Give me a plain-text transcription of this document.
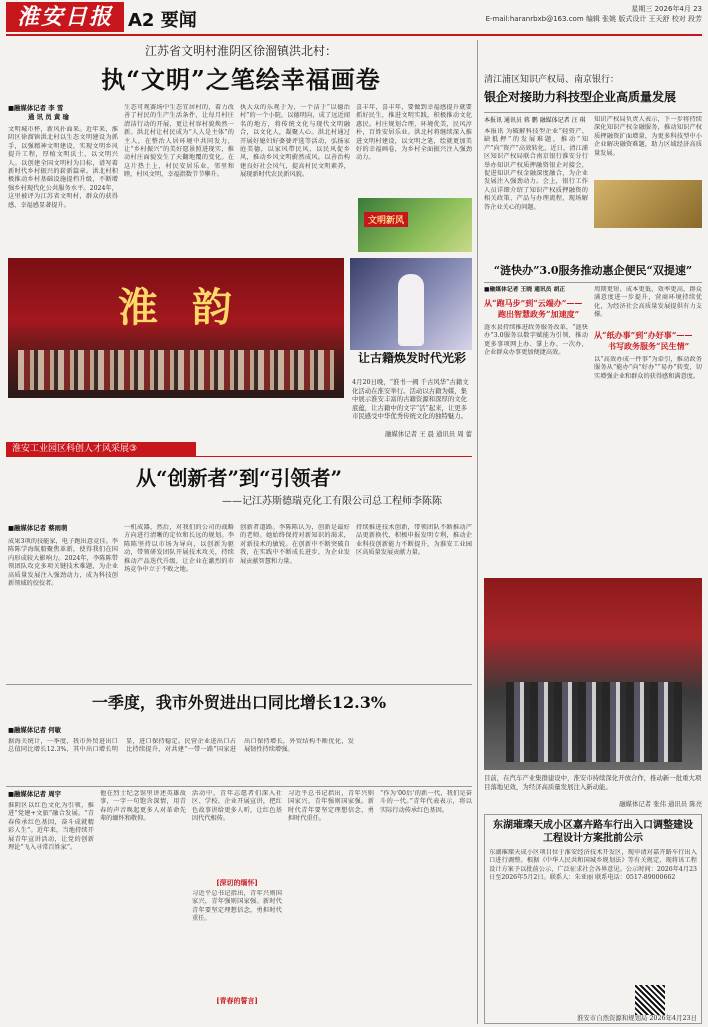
淮安日报 A2 要闻
星期三 2026年4月 23
E-mail:haranrbxb@163.com 编辑 张姚 版式设计 王天舒 校对 段芳
江苏省文明村淮阴区徐溜镇洪北村：
执“文明”之笔绘幸福画卷
■融媒体记者 李 雪
通 讯 员 黄 瑜
文明城市杯，新风扑面来。近年来，淮阴区徐溜镇洪北村以生态文明建设为抓手，以强精神文明建设，实现文明乡风提升工程，厚植文明沃土，以文明兴人。以创建全国文明村为目标，谱写着新时代乡村振兴的崭新篇章。洪北村积极推动乡村基础设施提档升级，不断增强乡村现代化公共服务水平。2024年，这里被评为江苏省文明村，群众的获得感、幸福感显著提升。
生态可观赛场中生态宜居村的，着力改善了村民的生产生活条件，让每月村庄清洁行动的开展，更让村容村貌焕然一新。洪北村让村民成为“人人是主体”的主人，在整治人居环境中共同发力，让“乡村振兴”的美好愿景照进现实，推动村庄面貌发生了天翻地覆的变化。在这片热土上，村民安居乐业，邻里和睦，村风文明，幸福指数节节攀升。
执大众的乐观于为，一个洁于“以德治村”的一个小院，以德明向，成了远近闻名的地方，将传统文化与现代文明融合，以文化人，凝聚人心。洪北村通过开展好媳妇好婆婆评选等活动，弘扬家庭美德，以家风带民风、以民风促乡风，推动乡风文明蔚然成风。以善治构建良好社会风气，提高村民文明素养，展现新时代农民新风貌。
喜丰年，喜丰年，要做到幸福感提升就要抓好民生，推进文明实践，积极推动文化惠民。村庄规划合理，环境优美，民风淳朴，百姓安居乐业。洪北村将继续深入推进文明村建设，以文明之笔，绘就更加美好的幸福画卷，为乡村全面振兴注入强劲动力。
文明新风
淮 韵
让古籍焕发时代光彩
4月20日晚，“淮书一阙 千古风华”古籍文化活动在淮安举行。活动以古籍为媒，集中展示淮安丰富的古籍资源和深厚的文化底蕴，让古籍中的文字“活”起来，让更多市民感受中华优秀传统文化的独特魅力。
融媒体记者 王 晨 通讯员 周 蕾
清江浦区知识产权局、南京银行：
银企对接助力科技型企业高质量发展
本报讯 通讯员 蒋 鹏 融媒体记者 汪 琪
本报讯 为破解科技型企业“轻资产、缺抵押”的发展难题，推动“知产”向“资产”高效转化，近日，清江浦区知识产权局联合南京银行淮安分行举办知识产权质押融资银企对接会，促进知识产权金融深度融合，为企业发展注入强劲动力。会上，银行工作人员详细介绍了知识产权质押融资的相关政策、产品与办理流程，现场解答企业关心的问题。
知识产权局负责人表示，下一步将持续深化知识产权金融服务，推动知识产权质押融资扩面增量，为更多科技型中小企业解决融资难题，助力区域经济高质量发展。
“涟快办”3.0服务推动惠企便民“双提速”
■融媒体记者 王晓 通讯员 胡正
从“跑马步”到“云端办”——
跑出智慧政务“加速度”
涟水县持续推进政务服务改革，“涟快办”3.0服务以数字赋能为引领，推动更多事项网上办、掌上办、一次办，企业群众办事更加便捷高效。
周期更短、成本更低、效率更高，群众满意度进一步提升，营商环境持续优化，为经济社会高质量发展提供有力支撑。
从“纸办事”到“办好事”——
书写政务服务“民生情”
以“高效办成一件事”为牵引，推动政务服务从“能办”向“好办”“易办”转变，切实增强企业和群众的获得感和满意度。
淮安工业园区科创人才风采展③
从“创新者”到“引领者”
——记江苏斯德瑞克化工有限公司总工程师李陈陈
■融媒体记者 蔡雨萌
成果3项的技能家，电子跑出意竞佳。李陈陈学海航船聚焦革新，使得我们在国内形成较大影响力。2024年，李陈陈带领团队攻克多项关键技术难题，为企业高质量发展注入强劲动力，成为科技创新领域的佼佼者。
一机成器，然后，对我们的公司的战略方向进行清晰的定位和长远的规划。李陈陈坚持以市场为导向，以创新为驱动，带领研发团队开展技术攻关，持续推动产品迭代升级，让企业在激烈的市场竞争中立于不败之地。
创新者道路。李陈陈认为，创新是最好的老师。她始终保持对新知识的渴求，对新技术的敏锐。在创新中不断突破自我，在实践中不断成长进步，为企业发展贡献智慧和力量。
持续推进技术创新，带领团队不断推动产品更新换代，积极申报发明专利，推动企业科技创新能力不断提升，为淮安工业园区高质量发展贡献力量。
一季度，我市外贸进出口同比增长12.3%
■融媒体记者 何敏
据海关统计，一季度，我市外贸进出口总值同比增长12.3%，其中出口增长明显，进口保持稳定。民营企业进出口占比持续提升，对共建“一带一路”国家进出口保持增长，外贸结构不断优化，发展韧性持续增强。
目前，在汽车产业集群建设中，淮安市持续深化开放合作，推动新一批重大项目落地见效，为经济高质量发展注入新动能。
融媒体记者 张伟 通讯员 陈亮
东湖璀璨天成小区嘉卉路车行出入口调整建设工程设计方案批前公示
东湖璀璨天成小区项目位于淮安经济技术开发区，现申请对嘉卉路车行出入口进行调整。根据《中华人民共和国城乡规划法》等有关规定，现将该工程设计方案予以批前公示，广泛征求社会各界意见。公示时间：2026年4月23日至2026年5月2日。联系人：朱亚丽 联系电话：0517-89000662
淮安市自然资源和规划局 2026年4月23日
■融媒体记者 周宇
淮阴区以红色文化为引领，推进“党建+文旅”融合发展。“青春传承红色基因，奋斗成就精彩人生”。近年来，当地持续开展青年宣讲活动，让党的创新理论“飞入寻常百姓家”。
他在烈士纪念馆里讲述英雄故事，一字一句饱含深情，用青春的声音唤起更多人对革命先辈的缅怀和敬仰。
活动中，青年志愿者们深入社区、学校、企业开展宣讲，把红色故事讲给更多人听，让红色基因代代相传。
[深切的缅怀]
习近平总书记指出，青年兴则国家兴，青年强则国家强。新时代青年要坚定理想信念，勇担时代重任。
[青春的誓言]
习近平总书记指出，青年兴则国家兴，青年强则国家强。新时代青年要坚定理想信念，勇担时代重任。
“作为‘00后’的新一代，我们是奋斗的一代。”青年代表表示，将以实际行动传承红色基因。
